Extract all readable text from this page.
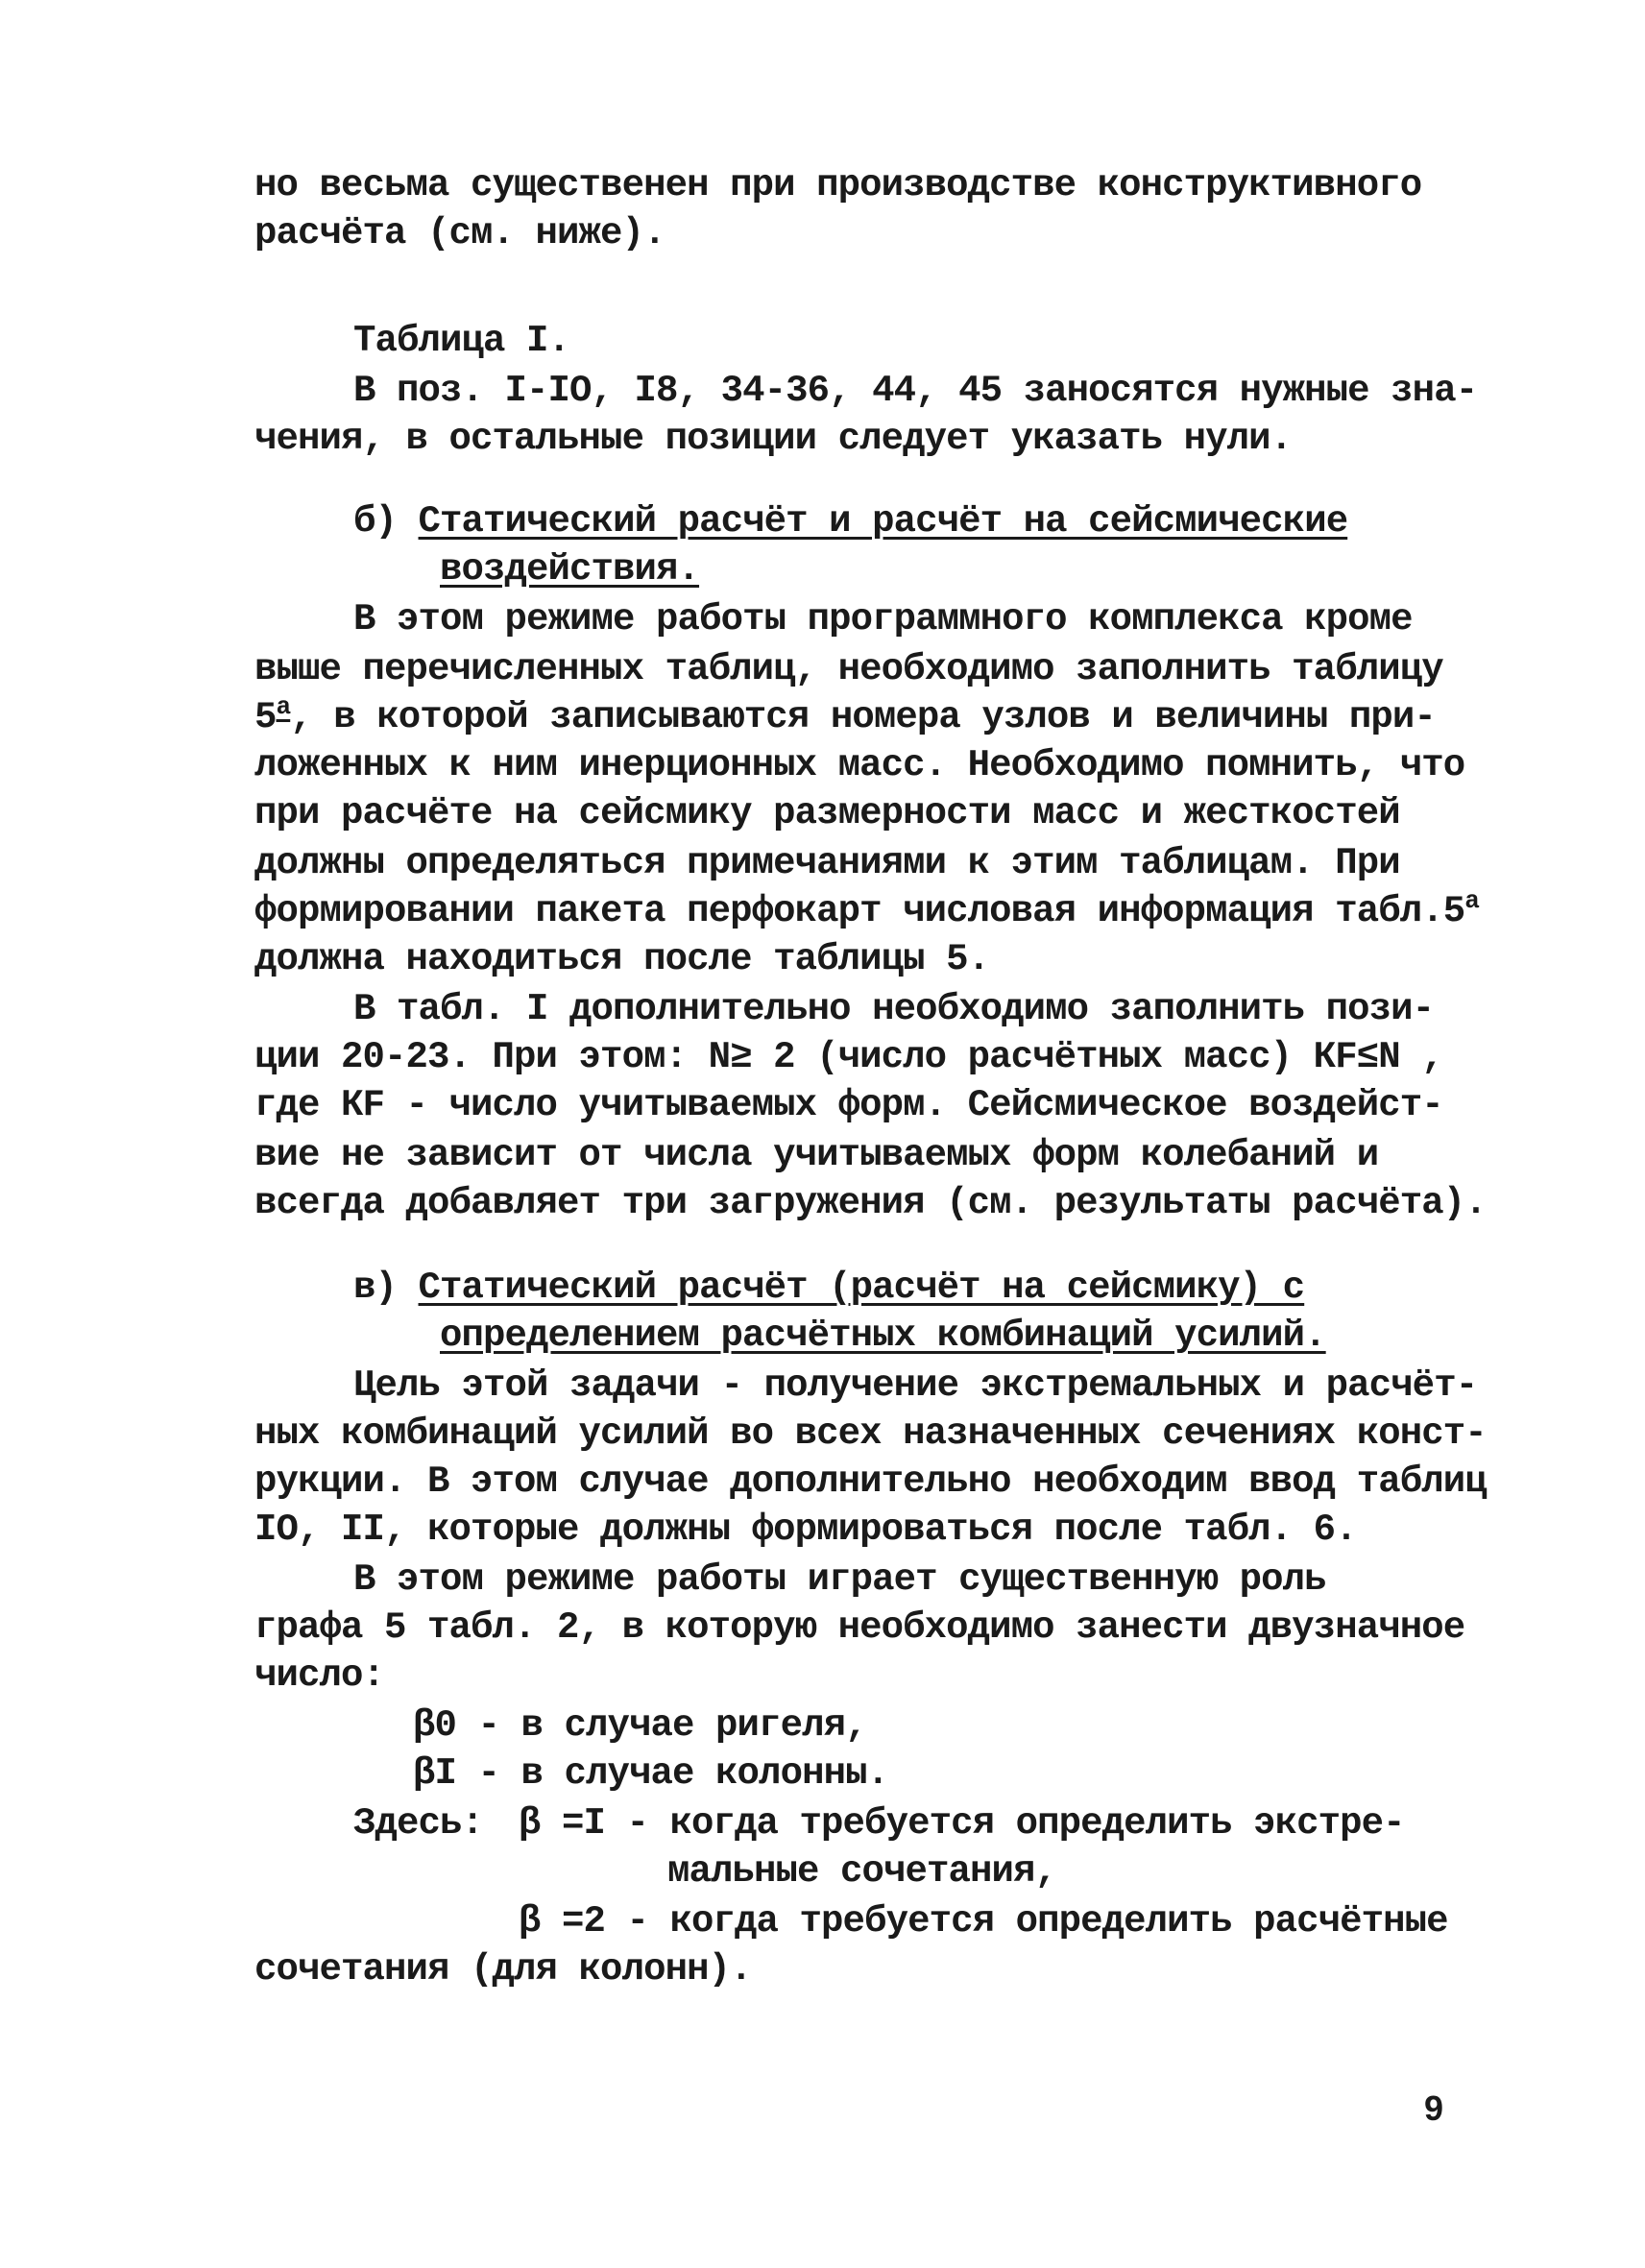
но весьма существенен при производстве конструктивного
расчёта (см. ниже).
Таблица I.
В поз. I-IO, I8, 34-36, 44, 45 заносятся нужные зна-
чения, в остальные позиции следует указать нули.
б) Статический расчёт и расчёт на сейсмические
воздействия.
В этом режиме работы программного комплекса кроме
выше перечисленных таблиц, необходимо заполнить таблицу
$5^а$, в которой записываются номера узлов и величины при-
ложенных к ним инерционных масс. Необходимо помнить, что
при расчёте на сейсмику размерности масс и жесткостей
должны определяться примечаниями к этим таблицам. При
формировании пакета перфокарт числовая информация $табл.5^а$
должна находиться после таблицы 5.
В табл. I дополнительно необходимо заполнить пози-
ции 20-23. При этом: N≥ 2 (число расчётных масс) КF≤N ,
где КF - число учитываемых форм. Сейсмическое воздейст-
вие не зависит от числа учитываемых форм колебаний и
всегда добавляет три загружения (см. результаты расчёта).
в) Статический расчёт (расчёт на сейсмику) с
определением расчётных комбинаций усилий.
Цель этой задачи - получение экстремальных и расчёт-
ных комбинаций усилий во всех назначенных сечениях конст-
рукции. В этом случае дополнительно необходим ввод таблиц
IO, II, которые должны формироваться после табл. 6.
В этом режиме работы играет существенную роль
графа 5 табл. 2, в которую необходимо занести двузначное
число:
β0 - в случае ригеля,
βI - в случае колонны.
Здесь: β =I - когда требуется определить экстре-
мальные сочетания,
β =2 - когда требуется определить расчётные
сочетания (для колонн).
9
